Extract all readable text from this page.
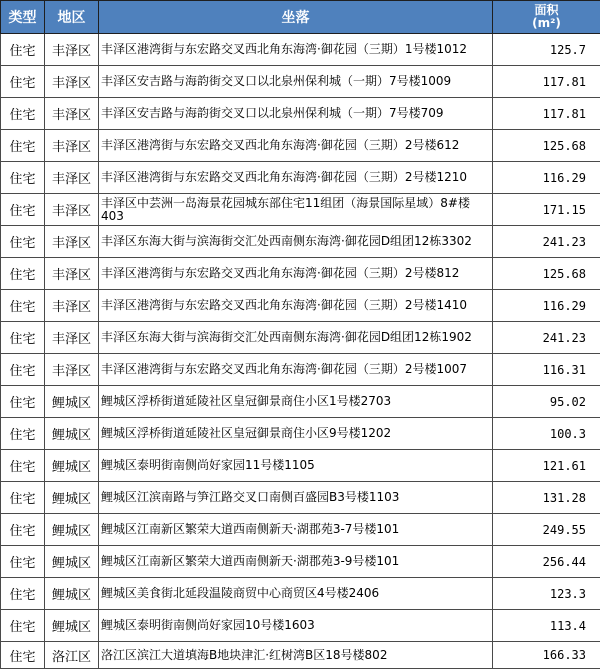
类型	地区	坐落	面积
(m²)

住宅	丰泽区	丰泽区港湾街与东宏路交叉西北角东海湾·御花园（三期）1号楼1012	125.7
住宅	丰泽区	丰泽区安吉路与海韵街交叉口以北泉州保利城（一期）7号楼1009	117.81
住宅	丰泽区	丰泽区安吉路与海韵街交叉口以北泉州保利城（一期）7号楼709	117.81
住宅	丰泽区	丰泽区港湾街与东宏路交叉西北角东海湾·御花园（三期）2号楼612	125.68
住宅	丰泽区	丰泽区港湾街与东宏路交叉西北角东海湾·御花园（三期）2号楼1210	116.29
住宅	丰泽区	丰泽区中芸洲一岛海景花园城东部住宅11组团（海景国际星域）8#楼403	171.15
住宅	丰泽区	丰泽区东海大街与滨海街交汇处西南侧东海湾·御花园D组团12栋3302	241.23
住宅	丰泽区	丰泽区港湾街与东宏路交叉西北角东海湾·御花园（三期）2号楼812	125.68
住宅	丰泽区	丰泽区港湾街与东宏路交叉西北角东海湾·御花园（三期）2号楼1410	116.29
住宅	丰泽区	丰泽区东海大街与滨海街交汇处西南侧东海湾·御花园D组团12栋1902	241.23
住宅	丰泽区	丰泽区港湾街与东宏路交叉西北角东海湾·御花园（三期）2号楼1007	116.31
住宅	鲤城区	鲤城区浮桥街道延陵社区皇冠御景商住小区1号楼2703	95.02
住宅	鲤城区	鲤城区浮桥街道延陵社区皇冠御景商住小区9号楼1202	100.3
住宅	鲤城区	鲤城区泰明街南侧尚好家园11号楼1105	121.61
住宅	鲤城区	鲤城区江滨南路与笋江路交叉口南侧百盛园B3号楼1103	131.28
住宅	鲤城区	鲤城区江南新区繁荣大道西南侧新天·湖郡苑3-7号楼101	249.55
住宅	鲤城区	鲤城区江南新区繁荣大道西南侧新天·湖郡苑3-9号楼101	256.44
住宅	鲤城区	鲤城区美食街北延段温陵商贸中心商贸区4号楼2406	123.3
住宅	鲤城区	鲤城区泰明街南侧尚好家园10号楼1603	113.4
住宅	洛江区	洛江区滨江大道填海B地块津汇·红树湾B区18号楼802	166.33
